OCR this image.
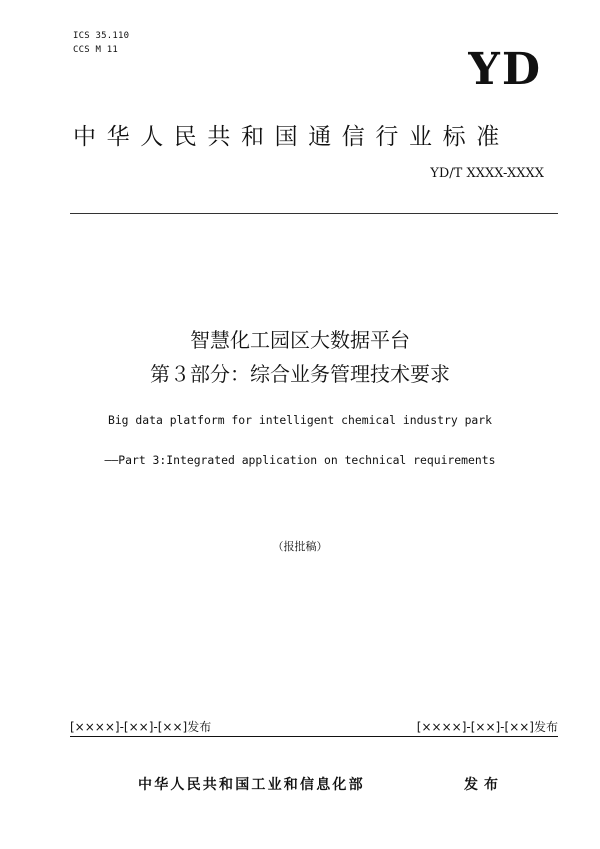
ICS 35.110
CCS M 11	YD
中华人民共和国通信行业标准
YD/T XXXX-XXXX
智慧化工园区大数据平台
第３部分：综合业务管理技术要求
Big data platform for intelligent chemical industry park
——Part 3:Integrated application on technical requirements
（报批稿）
[××××]-[××]-[××]发布	[××××]-[××]-[××]发布
中华人民共和国工业和信息化部	发布
